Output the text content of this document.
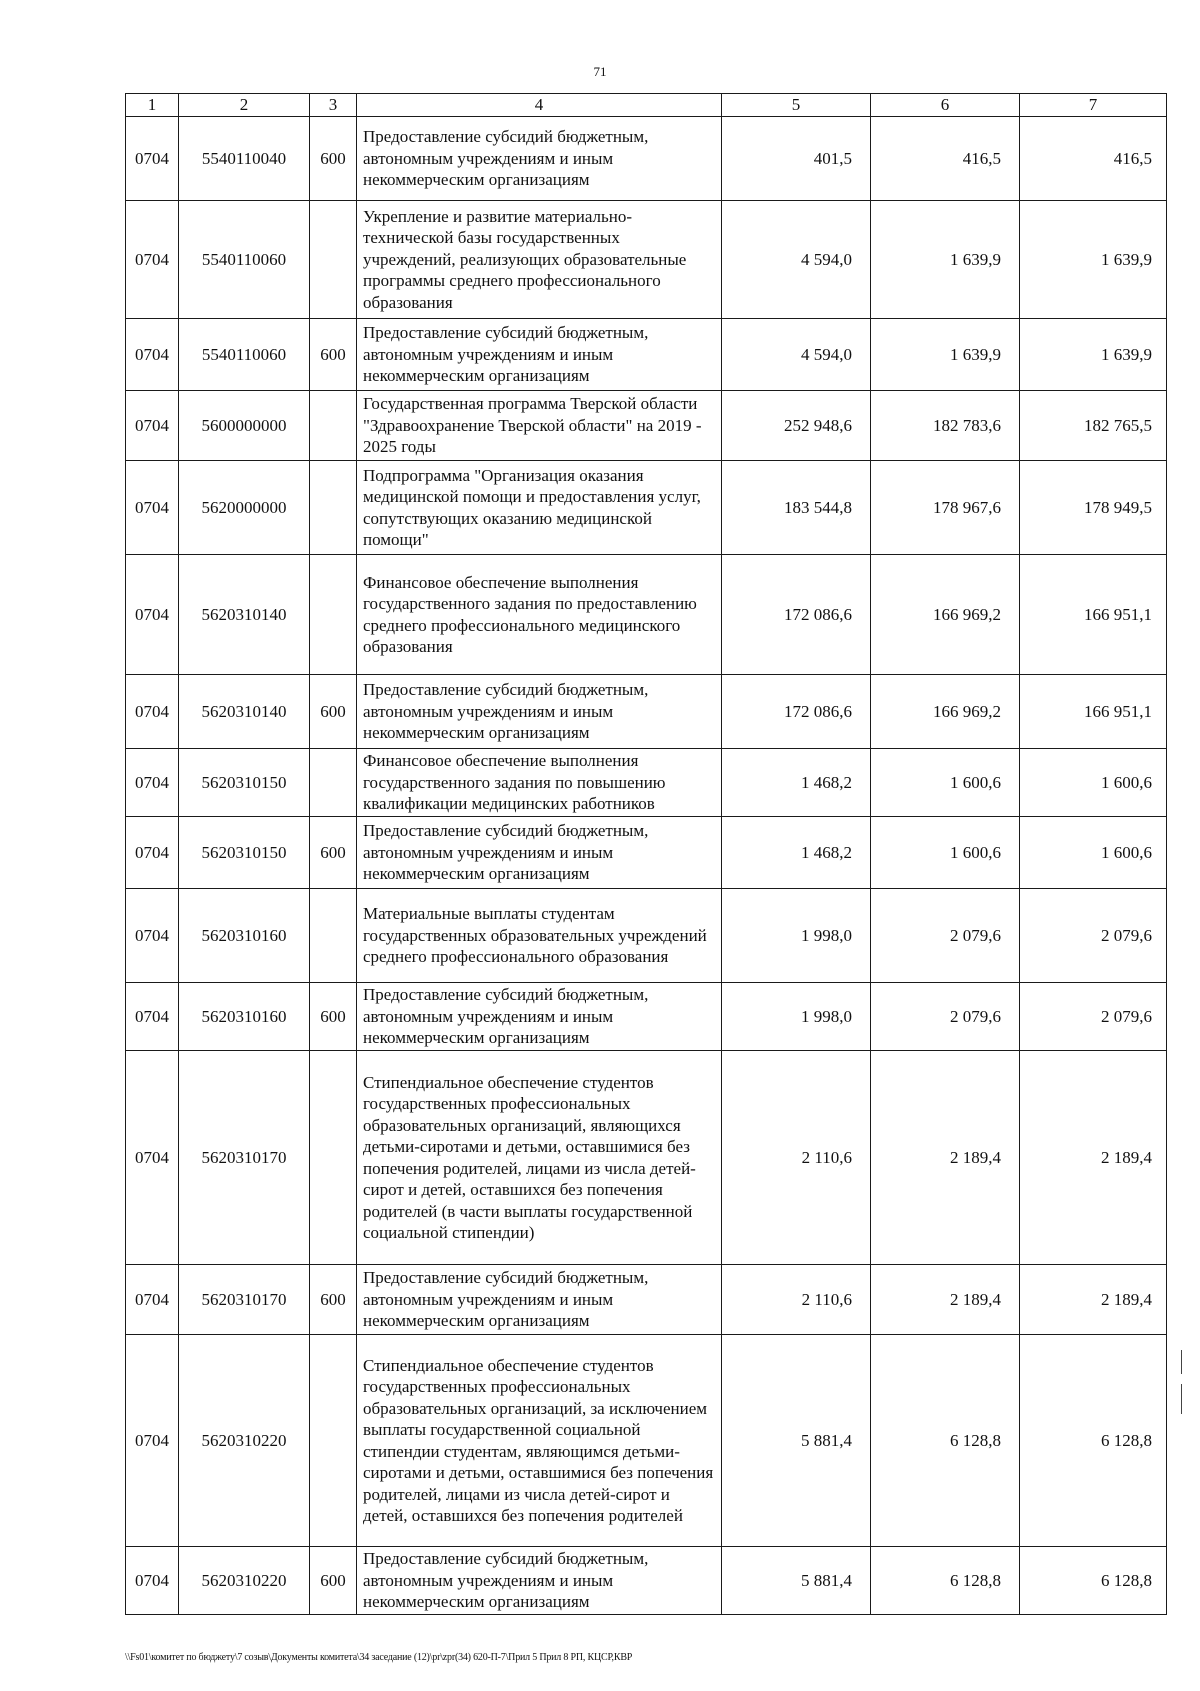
71
1	2	3	4	5	6	7
0704	5540110040	600	Предоставление субсидий бюджетным, автономным учреждениям и иным некоммерческим организациям	401,5	416,5	416,5
0704	5540110060		Укрепление и развитие материально-технической базы государственных учреждений, реализующих образовательные программы среднего профессионального образования	4 594,0	1 639,9	1 639,9
0704	5540110060	600	Предоставление субсидий бюджетным, автономным учреждениям и иным некоммерческим организациям	4 594,0	1 639,9	1 639,9
0704	5600000000		Государственная программа Тверской области "Здравоохранение Тверской области" на 2019 - 2025 годы	252 948,6	182 783,6	182 765,5
0704	5620000000		Подпрограмма "Организация оказания медицинской помощи и предоставления услуг, сопутствующих оказанию медицинской помощи"	183 544,8	178 967,6	178 949,5
0704	5620310140		Финансовое обеспечение выполнения государственного задания по предоставлению среднего профессионального медицинского образования	172 086,6	166 969,2	166 951,1
0704	5620310140	600	Предоставление субсидий бюджетным, автономным учреждениям и иным некоммерческим организациям	172 086,6	166 969,2	166 951,1
0704	5620310150		Финансовое обеспечение выполнения государственного задания по повышению квалификации медицинских работников	1 468,2	1 600,6	1 600,6
0704	5620310150	600	Предоставление субсидий бюджетным, автономным учреждениям и иным некоммерческим организациям	1 468,2	1 600,6	1 600,6
0704	5620310160		Материальные выплаты студентам государственных образовательных учреждений среднего профессионального образования	1 998,0	2 079,6	2 079,6
0704	5620310160	600	Предоставление субсидий бюджетным, автономным учреждениям и иным некоммерческим организациям	1 998,0	2 079,6	2 079,6
0704	5620310170		Стипендиальное обеспечение студентов государственных профессиональных образовательных организаций, являющихся детьми-сиротами и детьми, оставшимися без попечения родителей, лицами из числа детей-сирот и детей, оставшихся без попечения родителей (в части выплаты государственной социальной стипендии)	2 110,6	2 189,4	2 189,4
0704	5620310170	600	Предоставление субсидий бюджетным, автономным учреждениям и иным некоммерческим организациям	2 110,6	2 189,4	2 189,4
0704	5620310220		Стипендиальное обеспечение студентов государственных профессиональных образовательных организаций, за исключением выплаты государственной социальной стипендии студентам, являющимся детьми-сиротами и детьми, оставшимися без попечения родителей, лицами из числа детей-сирот и детей, оставшихся без попечения родителей	5 881,4	6 128,8	6 128,8
0704	5620310220	600	Предоставление субсидий бюджетным, автономным учреждениям и иным некоммерческим организациям	5 881,4	6 128,8	6 128,8
\\Fs01\комитет по бюджету\7 созыв\Документы комитета\34 заседание (12)\pr\zpr(34) 620-П-7\Прил 5 Прил 8 РП, КЦСР,КВР
